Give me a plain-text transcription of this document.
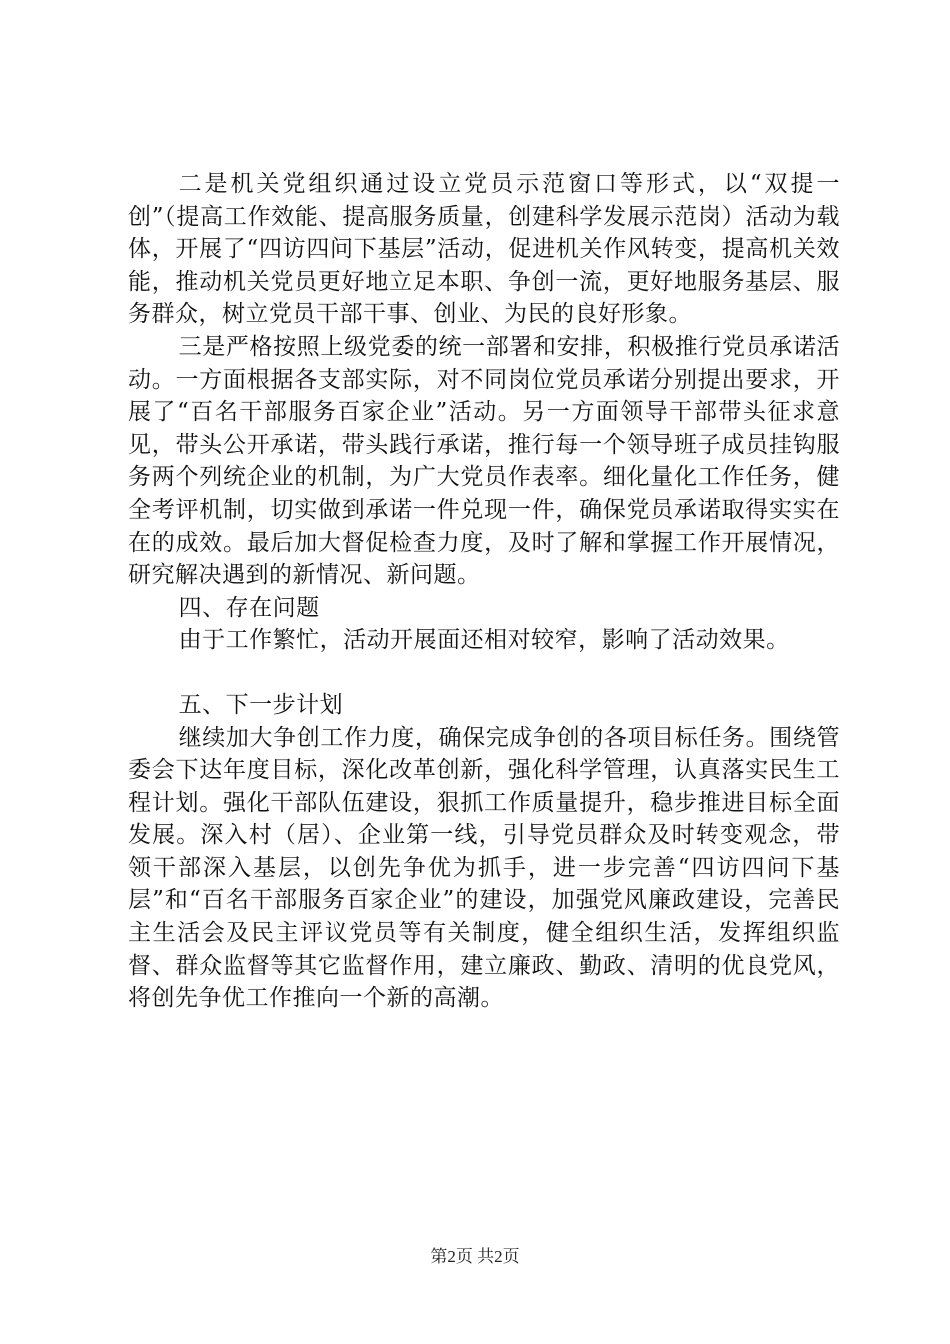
二是机关党组织通过设立党员示范窗口等形式，以“双提一创”（提高工作效能、提高服务质量，创建科学发展示范岗）活动为载体，开展了“四访四问下基层”活动，促进机关作风转变，提高机关效能，推动机关党员更好地立足本职、争创一流，更好地服务基层、服务群众，树立党员干部干事、创业、为民的良好形象。

三是严格按照上级党委的统一部署和安排，积极推行党员承诺活动。一方面根据各支部实际，对不同岗位党员承诺分别提出要求，开展了“百名干部服务百家企业”活动。另一方面领导干部带头征求意见，带头公开承诺，带头践行承诺，推行每一个领导班子成员挂钩服务两个列统企业的机制，为广大党员作表率。细化量化工作任务，健全考评机制，切实做到承诺一件兑现一件，确保党员承诺取得实实在在的成效。最后加大督促检查力度，及时了解和掌握工作开展情况，研究解决遇到的新情况、新问题。

四、存在问题

由于工作繁忙，活动开展面还相对较窄，影响了活动效果。

五、下一步计划

继续加大争创工作力度，确保完成争创的各项目标任务。围绕管委会下达年度目标，深化改革创新，强化科学管理，认真落实民生工程计划。强化干部队伍建设，狠抓工作质量提升，稳步推进目标全面发展。深入村（居）、企业第一线，引导党员群众及时转变观念，带领干部深入基层，以创先争优为抓手，进一步完善“四访四问下基层”和“百名干部服务百家企业”的建设，加强党风廉政建设，完善民主生活会及民主评议党员等有关制度，健全组织生活，发挥组织监督、群众监督等其它监督作用，建立廉政、勤政、清明的优良党风，将创先争优工作推向一个新的高潮。

第2页 共2页
